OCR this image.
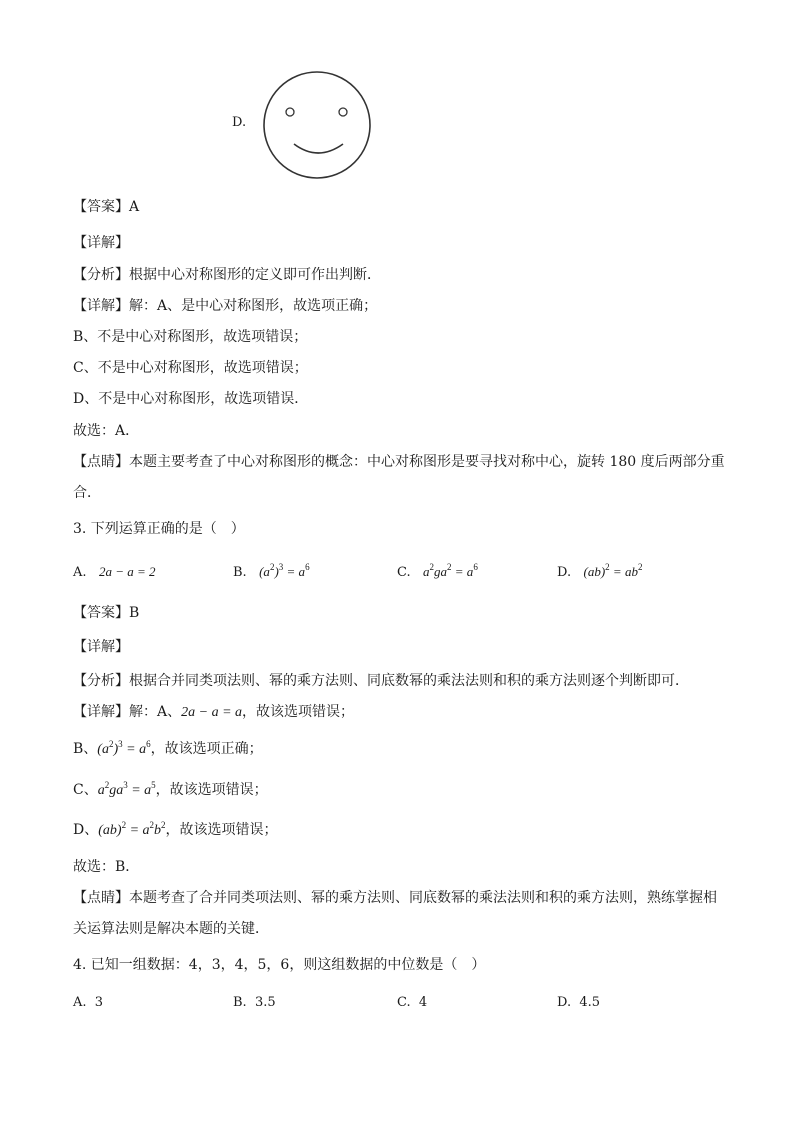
D.
【答案】A
【详解】
【分析】根据中心对称图形的定义即可作出判断．
【详解】解：A、是中心对称图形，故选项正确；
B、不是中心对称图形，故选项错误；
C、不是中心对称图形，故选项错误；
D、不是中心对称图形，故选项错误．
故选：A．
【点睛】本题主要考查了中心对称图形的概念：中心对称图形是要寻找对称中心，旋转 180 度后两部分重
合．
3. 下列运算正确的是（　）
A. 2a − a = 2	B. $(a^2)^3 = a^6$	C. $a^2ga^2 = a^6$	D. $(ab)^2 = ab^2$
【答案】B
【详解】
【分析】根据合并同类项法则、幂的乘方法则、同底数幂的乘法法则和积的乘方法则逐个判断即可．
【详解】解：A、2a − a = a，故该选项错误；
B、$(a^2)^3 = a^6$，故该选项正确；
C、$a^2ga^3 = a^5$，故该选项错误；
D、$(ab)^2 = a^2b^2$，故该选项错误；
故选：B．
【点睛】本题考查了合并同类项法则、幂的乘方法则、同底数幂的乘法法则和积的乘方法则，熟练掌握相
关运算法则是解决本题的关键．
4. 已知一组数据：4，3，4，5，6，则这组数据的中位数是（　）
A. 3	B. 3.5	C. 4	D. 4.5
